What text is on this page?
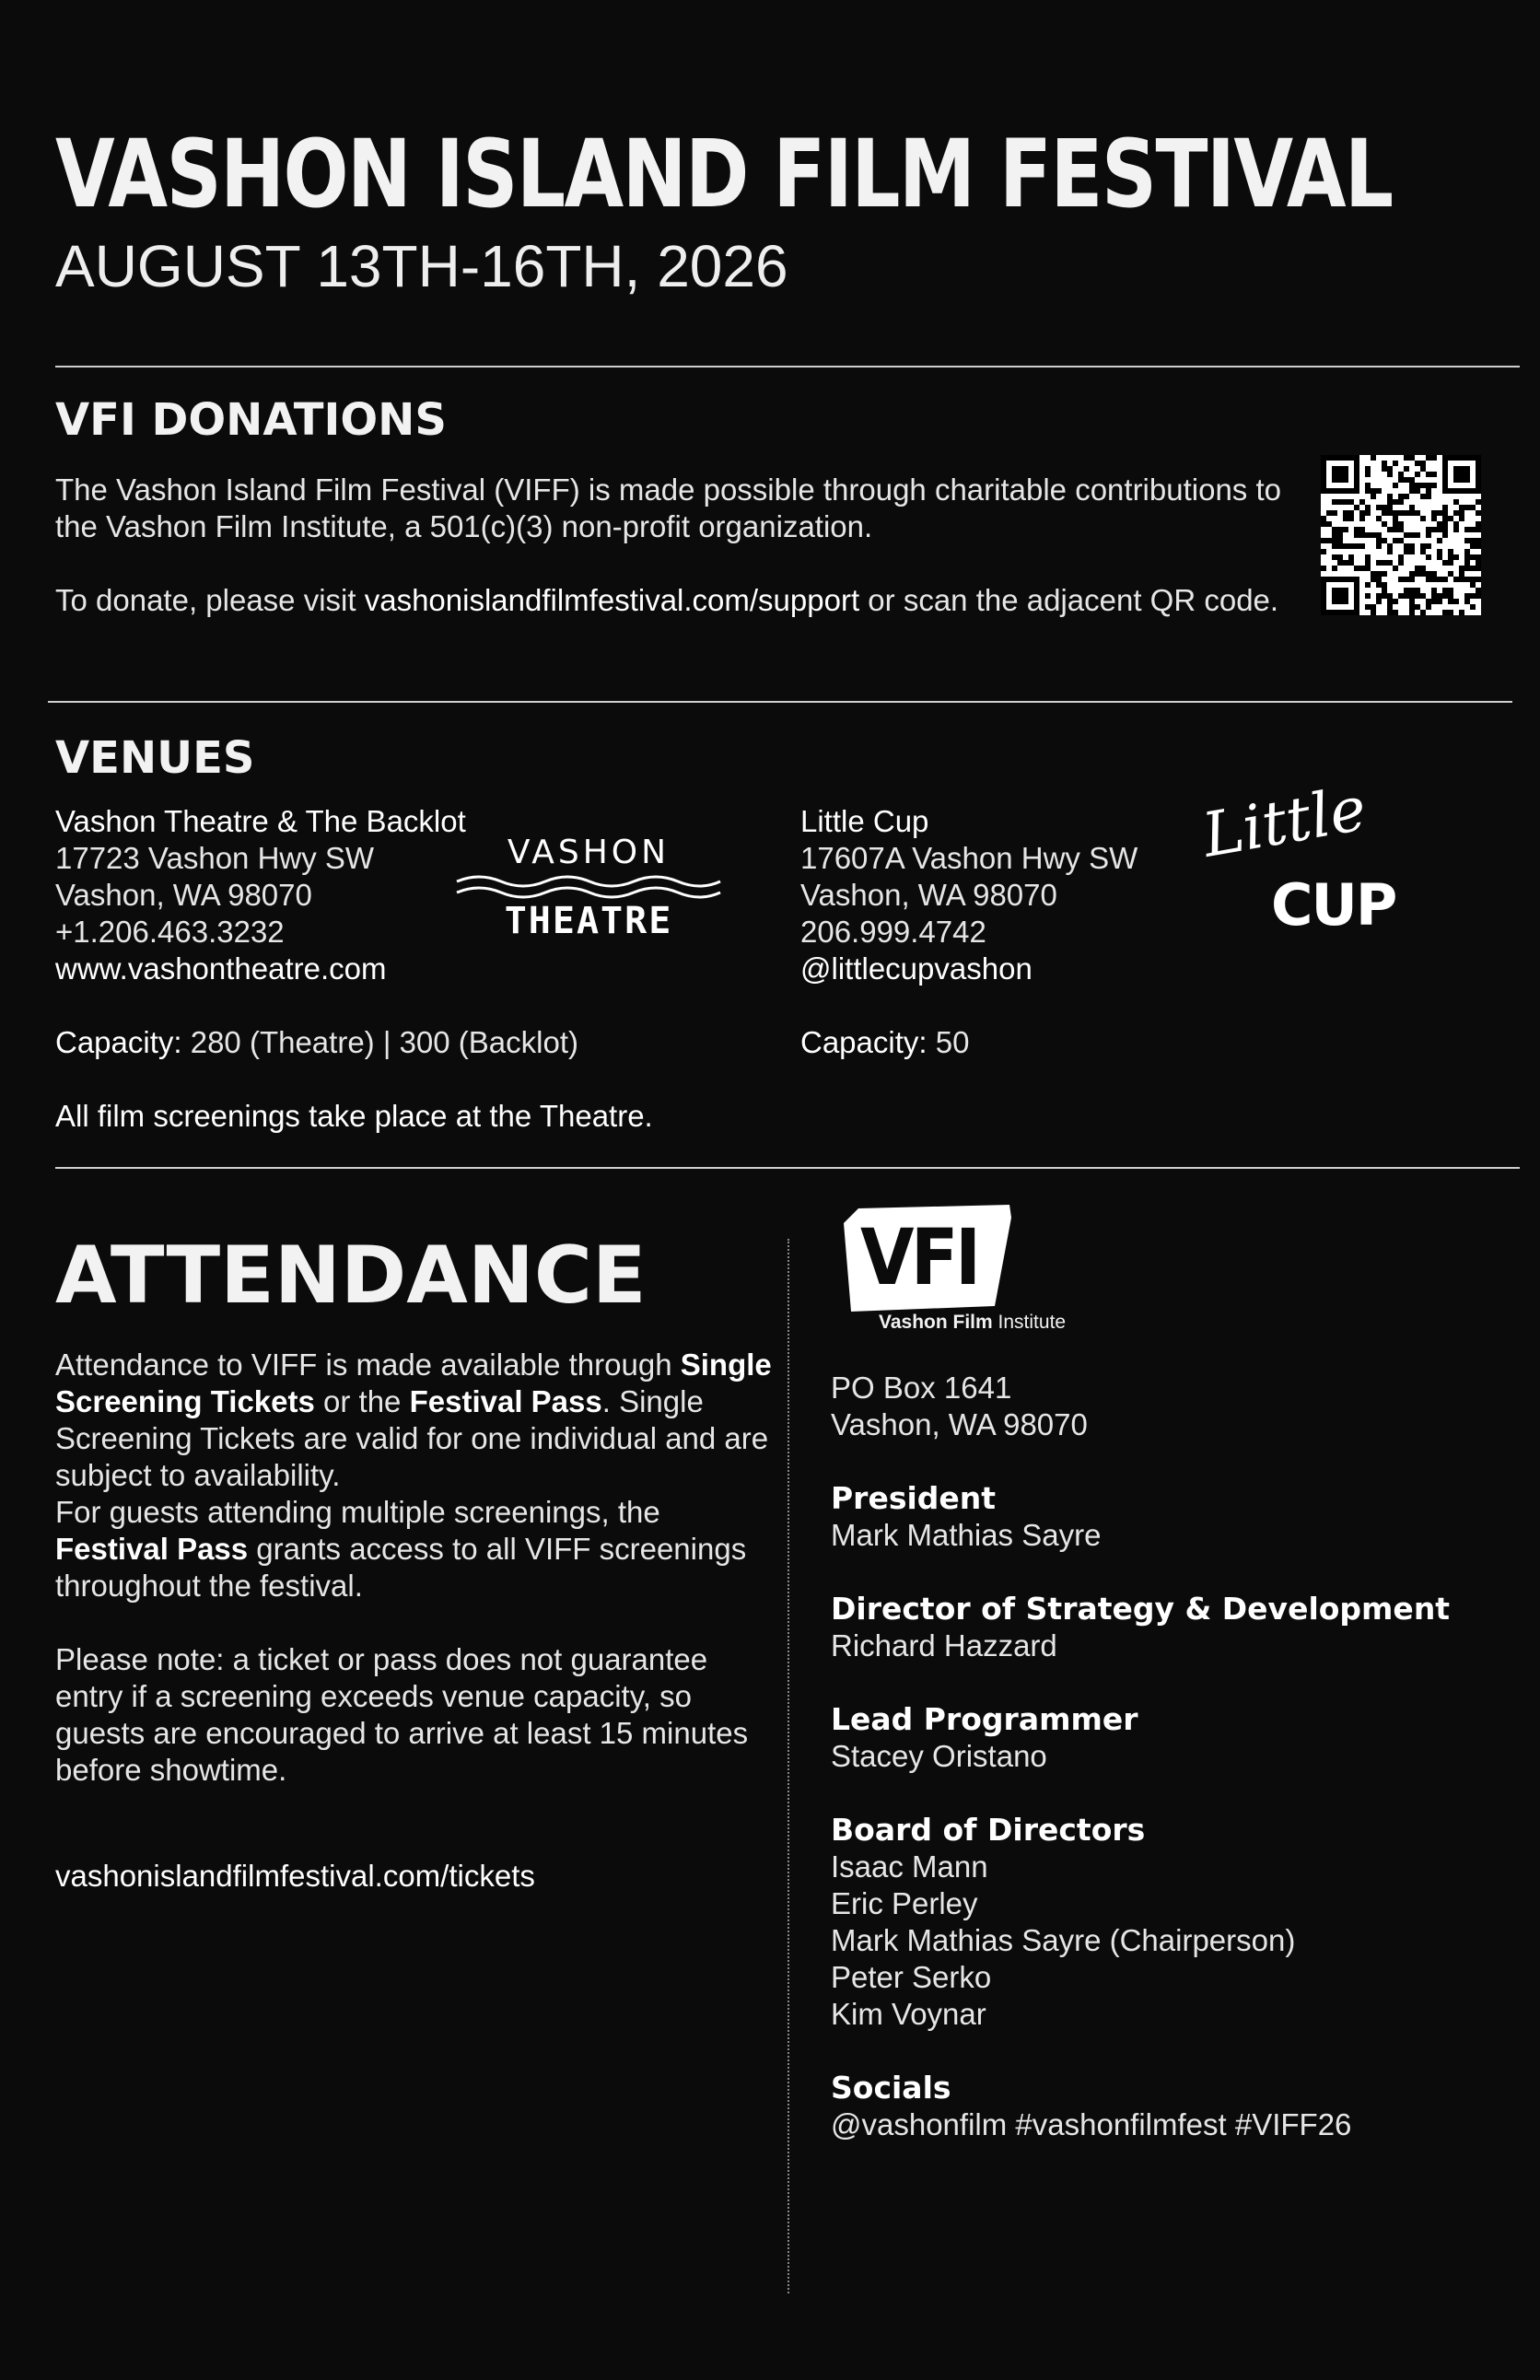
VASHON ISLAND FILM FESTIVAL
AUGUST 13TH-16TH, 2026
VFI DONATIONS
The Vashon Island Film Festival (VIFF) is made possible through charitable contributions to the Vashon Film Institute, a 501(c)(3) non-profit organization.
To donate, please visit vashonislandfilmfestival.com/support or scan the adjacent QR code.
VENUES
Vashon Theatre & The Backlot
17723 Vashon Hwy SW
Vashon, WA 98070
+1.206.463.3232
www.vashontheatre.com
Capacity: 280 (Theatre) | 300 (Backlot)
All film screenings take place at the Theatre.
VASHON
THEATRE
Little Cup
17607A Vashon Hwy SW
Vashon, WA 98070
206.999.4742
@littlecupvashon
Capacity: 50
Little
CUP
ATTENDANCE
Attendance to VIFF is made available through Single Screening Tickets or the Festival Pass. Single Screening Tickets are valid for one individual and are subject to availability.
For guests attending multiple screenings, the Festival Pass grants access to all VIFF screenings throughout the festival.
Please note: a ticket or pass does not guarantee entry if a screening exceeds venue capacity, so guests are encouraged to arrive at least 15 minutes before showtime.
vashonislandfilmfestival.com/tickets
VFI
Vashon Film Institute
PO Box 1641
Vashon, WA 98070
President
Mark Mathias Sayre
Director of Strategy & Development
Richard Hazzard
Lead Programmer
Stacey Oristano
Board of Directors
Isaac Mann
Eric Perley
Mark Mathias Sayre (Chairperson)
Peter Serko
Kim Voynar
Socials
@vashonfilm #vashonfilmfest #VIFF26
